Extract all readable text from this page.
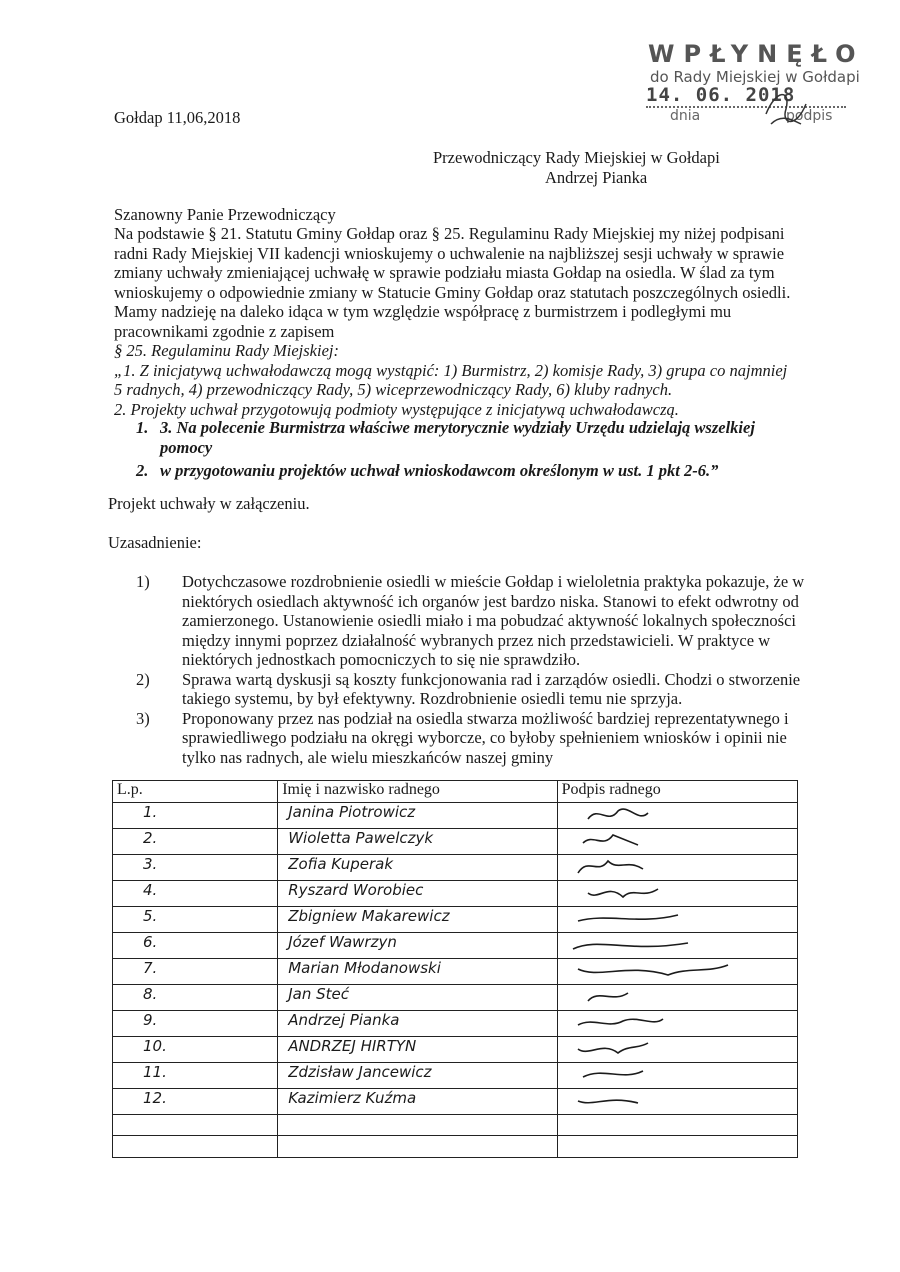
WPŁYNĘŁO
do Rady Miejskiej w Gołdapi
14. 06. 2018
dnia	podpis
Gołdap 11,06,2018
Przewodniczący Rady Miejskiej w Gołdapi
Andrzej Pianka
Szanowny Panie Przewodniczący
Na podstawie § 21. Statutu Gminy Gołdap oraz § 25. Regulaminu Rady Miejskiej my niżej podpisani
radni Rady Miejskiej VII kadencji wnioskujemy o uchwalenie na najbliższej sesji uchwały w sprawie
zmiany uchwały zmieniającej uchwałę w sprawie podziału miasta Gołdap na osiedla. W ślad za tym
wnioskujemy o odpowiednie zmiany w Statucie Gminy Gołdap oraz statutach poszczególnych osiedli.
Mamy nadzieję na daleko idąca w tym względzie współpracę z burmistrzem i podległymi mu
pracownikami zgodnie z zapisem
§ 25. Regulaminu Rady Miejskiej:
„1. Z inicjatywą uchwałodawczą mogą wystąpić: 1) Burmistrz, 2) komisje Rady, 3) grupa co najmniej
5 radnych, 4) przewodniczący Rady, 5) wiceprzewodniczący Rady, 6) kluby radnych.
2. Projekty uchwał przygotowują podmioty występujące z inicjatywą uchwałodawczą.
1. 3. Na polecenie Burmistrza właściwe merytorycznie wydziały Urzędu udzielają wszelkiej
pomocy
2. w przygotowaniu projektów uchwał wnioskodawcom określonym w ust. 1 pkt 2-6.”
Projekt uchwały w załączeniu.
Uzasadnienie:
1) Dotychczasowe rozdrobnienie osiedli w mieście Gołdap i wieloletnia praktyka pokazuje, że w
niektórych osiedlach aktywność ich organów jest bardzo niska. Stanowi to efekt odwrotny od
zamierzonego. Ustanowienie osiedli miało i ma pobudzać aktywność lokalnych społeczności
między innymi poprzez działalność wybranych przez nich przedstawicieli. W praktyce w
niektórych jednostkach pomocniczych to się nie sprawdziło.
2) Sprawa wartą dyskusji są koszty funkcjonowania rad i zarządów osiedli. Chodzi o stworzenie
takiego systemu, by był efektywny. Rozdrobnienie osiedli temu nie sprzyja.
3) Proponowany przez nas podział na osiedla stwarza możliwość bardziej reprezentatywnego i
sprawiedliwego podziału na okręgi wyborcze, co byłoby spełnieniem wniosków i opinii nie
tylko nas radnych, ale wielu mieszkańców naszej gminy
L.p.	Imię i nazwisko radnego	Podpis radnego
1.	Janina Piotrowicz	
2.	Wioletta Pawelczyk	
3.	Zofia Kuperak	
4.	Ryszard Worobiec	
5.	Zbigniew Makarewicz	
6.	Józef Wawrzyn	
7.	Marian Młodanowski	
8.	Jan Steć	
9.	Andrzej Pianka	
10.	ANDRZEJ HIRTYN	
11.	Zdzisław Jancewicz	
12.	Kazimierz Kuźma	
